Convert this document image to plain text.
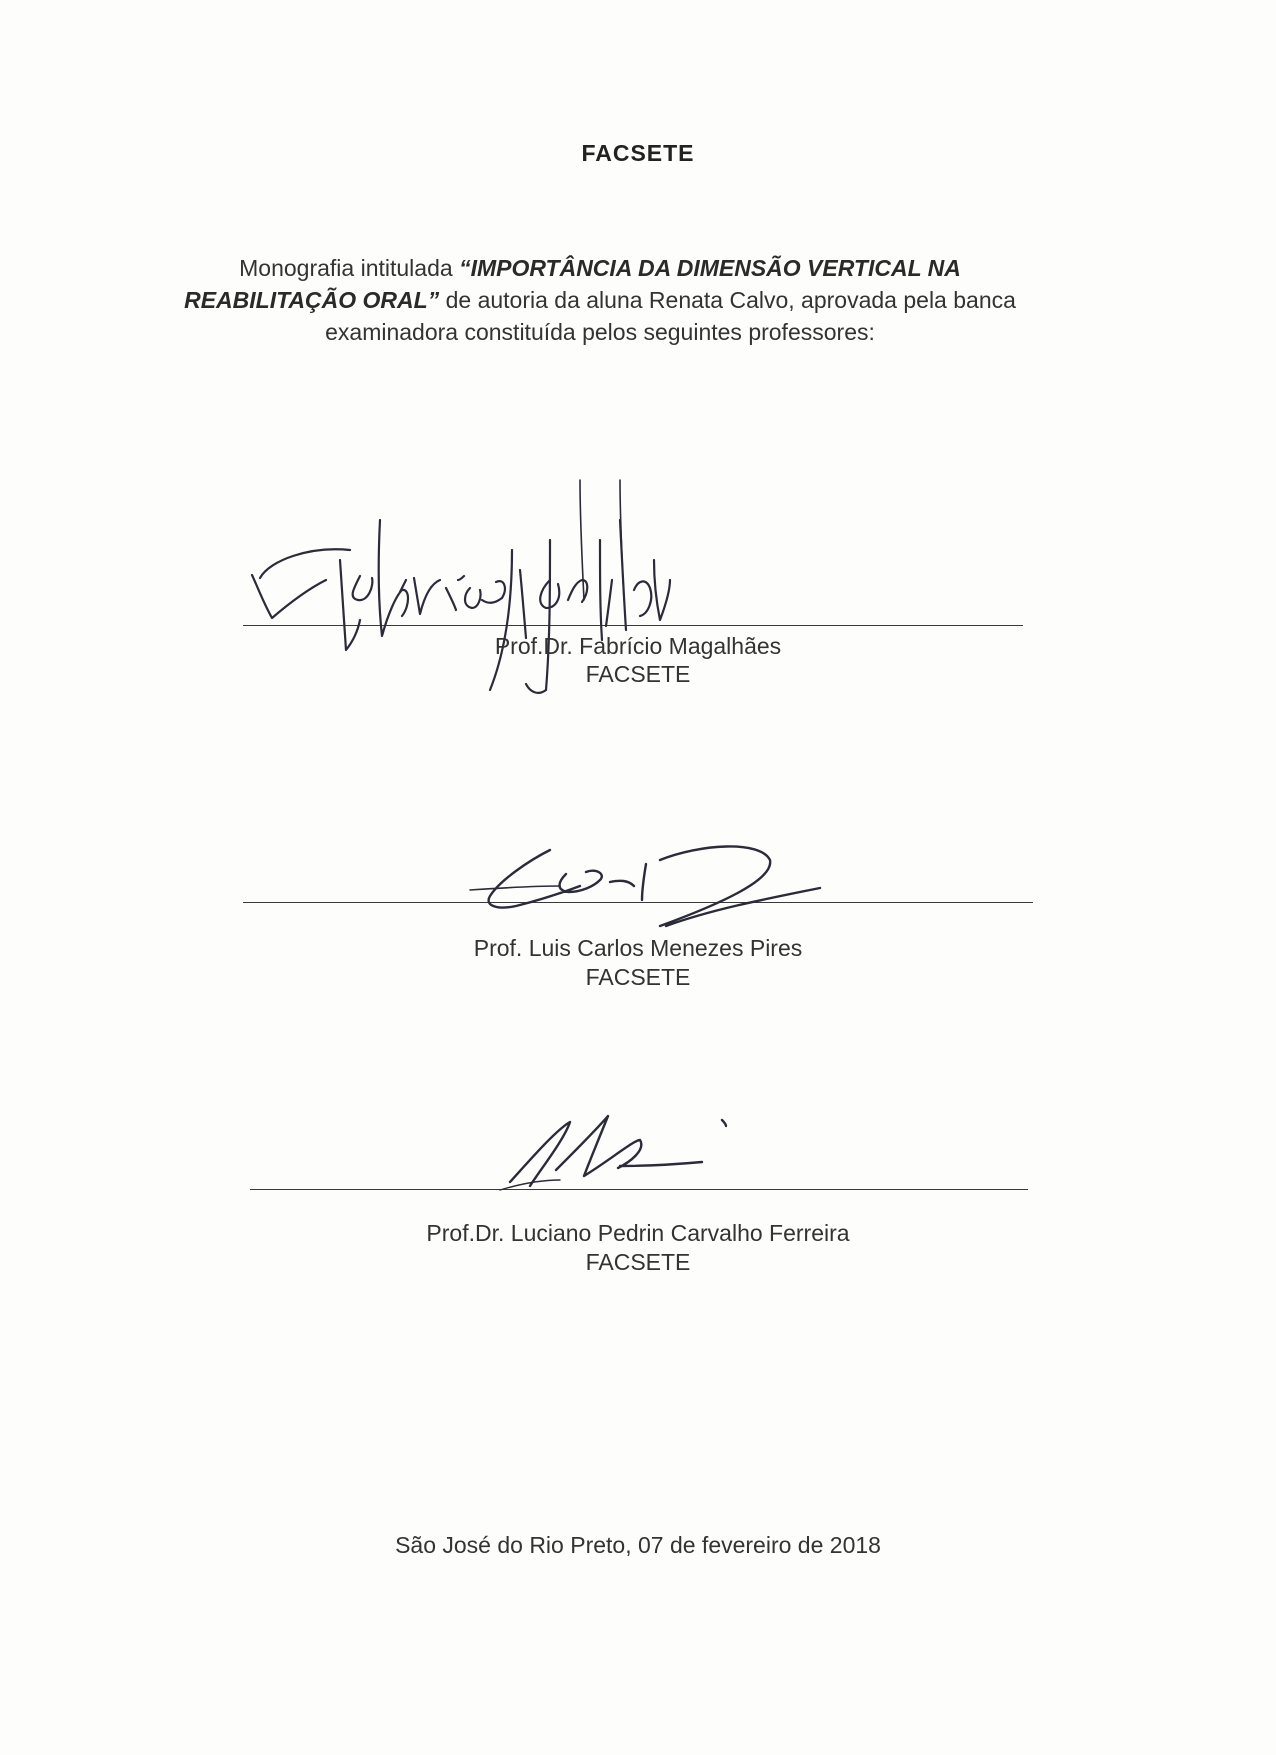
FACSETE
Monografia intitulada “IMPORTÂNCIA DA DIMENSÃO VERTICAL NA REABILITAÇÃO ORAL” de autoria da aluna Renata Calvo, aprovada pela banca examinadora constituída pelos seguintes professores:
Prof.Dr. Fabrício Magalhães
FACSETE
Prof. Luis Carlos Menezes Pires
FACSETE
Prof.Dr. Luciano Pedrin Carvalho Ferreira
FACSETE
São José do Rio Preto, 07 de fevereiro de 2018
